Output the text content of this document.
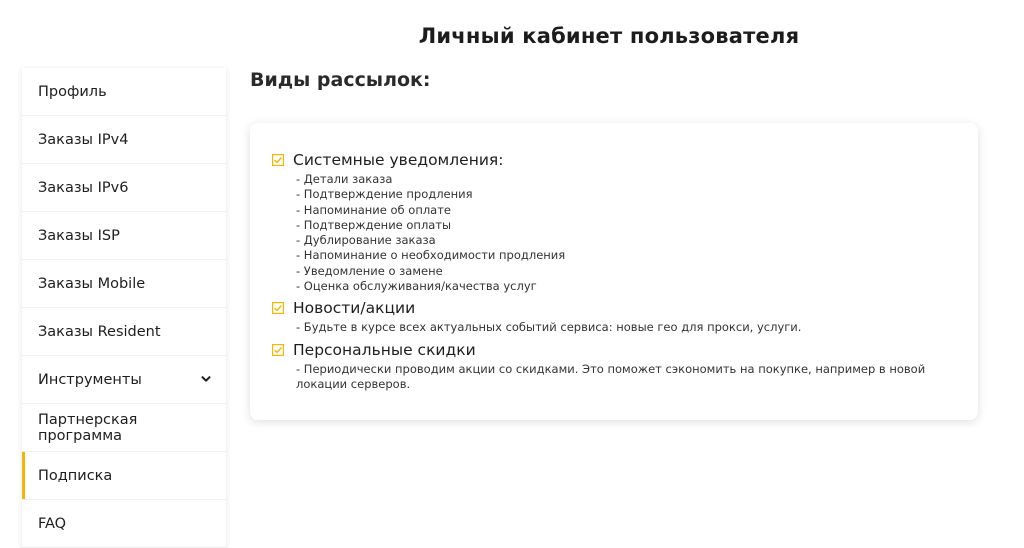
Личный кабинет пользователя
Профиль
Заказы IPv4
Заказы IPv6
Заказы ISP
Заказы Mobile
Заказы Resident
Инструменты
Партнерская программа
Подписка
FAQ
Виды рассылок:
Системные уведомления:
- Детали заказа
- Подтверждение продления
- Напоминание об оплате
- Подтверждение оплаты
- Дублирование заказа
- Напоминание о необходимости продления
- Уведомление о замене
- Оценка обслуживания/качества услуг
Новости/акции
- Будьте в курсе всех актуальных событий сервиса: новые гео для прокси, услуги.
Персональные скидки
- Периодически проводим акции со скидками. Это поможет сэкономить на покупке, например в новой локации серверов.
